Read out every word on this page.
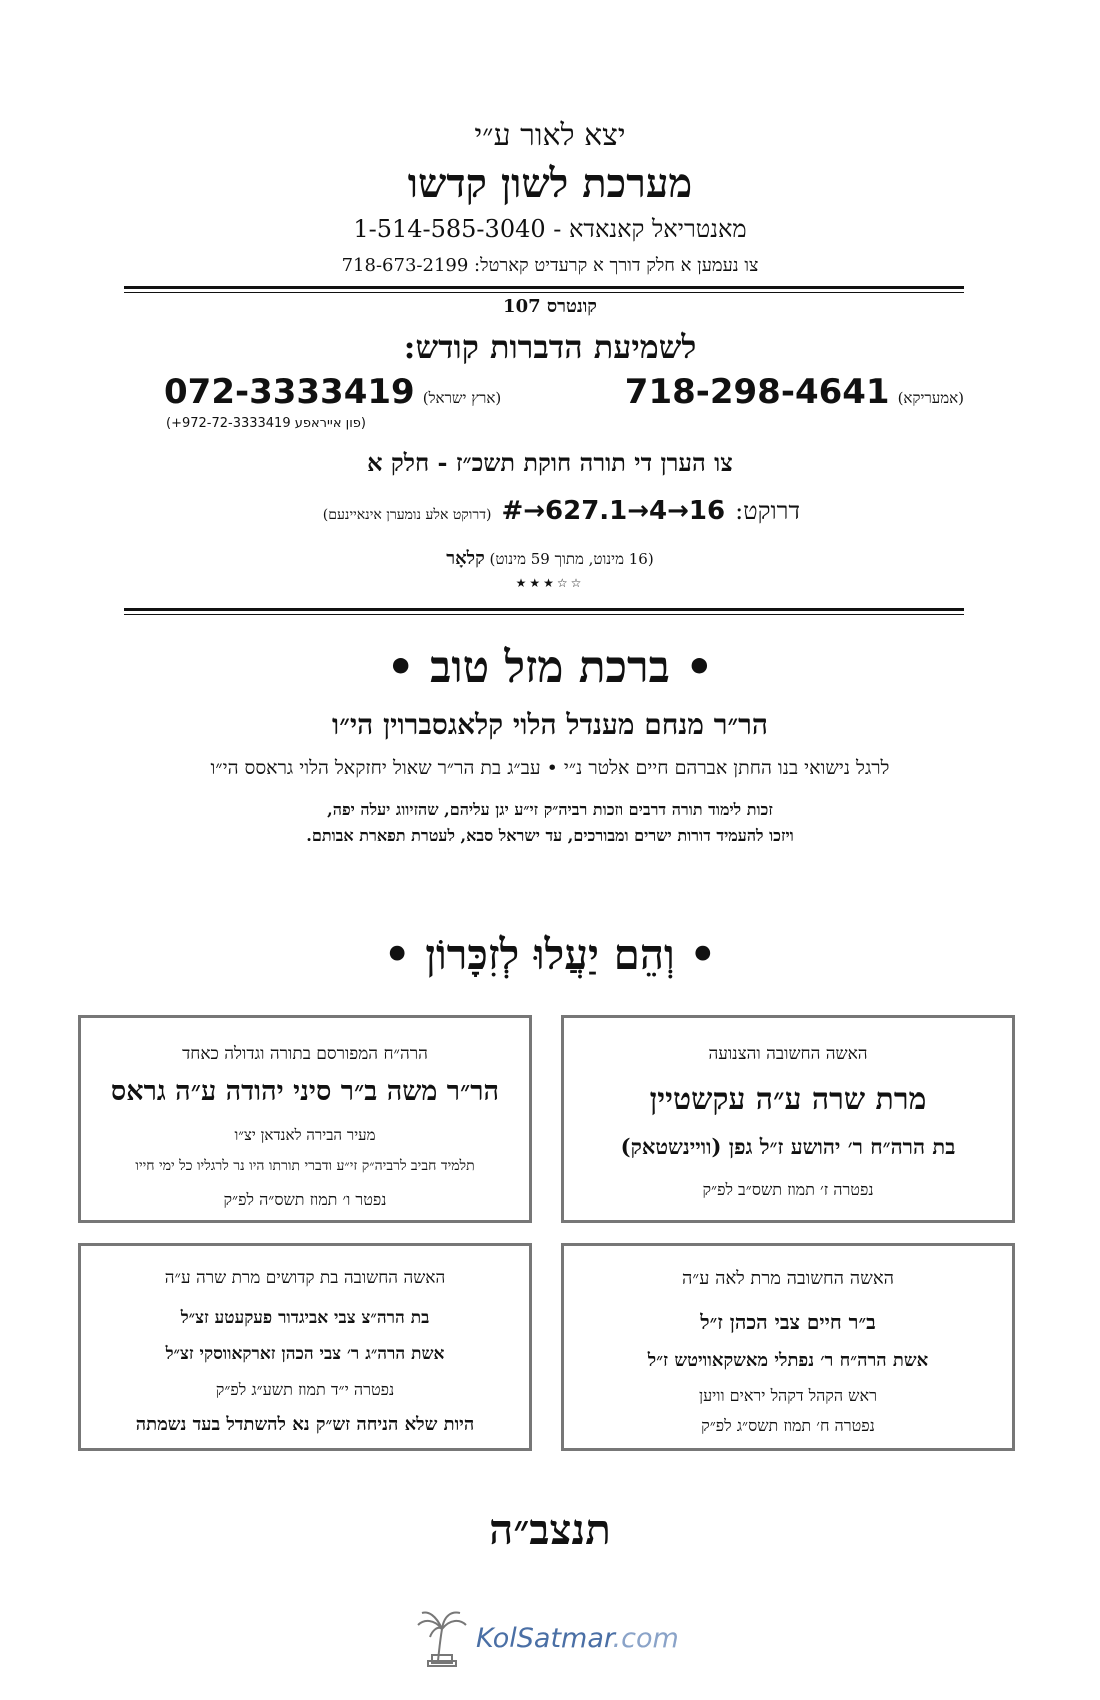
יצא לאור ע״י
מערכת לשון קדשו
מאנטריאל קאנאדא - 1-514-585-3040
צו נעמען א חלק דורך א קרעדיט קארטל: 718-673-2199
קונטרס 107
לשמיעת הדברות קודש:
(אמעריקא)
718-298-4641
(ארץ ישראל)
072-3333419
(+972-72-3333419 פון אייראפע)
צו הערן די תורה חוקת תשכ״ז - חלק א
דרוקט:
#→627.1→4→16
(דרוקט אלע נומערן אינאיינעם)
(16 מינוט, מתוך 59 מינוט) קלאָר
★★★☆☆
• ברכת מזל טוב •
הר״ר מנחם מענדל הלוי קלאגסברוין הי״ו
לרגל נישואי בנו החתן אברהם חיים אלטר נ״י • עב״ג בת הר״ר שאול יחזקאל הלוי גראסס הי״ו
זכות לימוד תורה דרבים וזכות רביה״ק זי״ע יגן עליהם, שהזיווג יעלה יפה,
ויזכו להעמיד דורות ישרים ומבורכים, עד ישראל סבא, לעטרת תפארת אבותם.
• וְהֵם יַעֲלוּ לְזִכָּרוֹן •
האשה החשובה והצנועה
מרת שרה ע״ה עקשטיין
בת הרה״ח ר׳ יהושע ז״ל גפן (וויינשטאק)
נפטרה ז׳ תמוז תשס״ב לפ״ק
הרה״ח המפורסם בתורה וגדולה כאחד
הר״ר משה ב״ר סיני יהודה ע״ה גראס
מעיר הבירה לאנדאן יצ״ו
תלמיד חביב לרביה״ק זי״ע ודברי תורתו היו נר לרגליו כל ימי חייו
נפטר ו׳ תמוז תשס״ה לפ״ק
האשה החשובה מרת לאה ע״ה
ב״ר חיים צבי הכהן ז״ל
אשת הרה״ח ר׳ נפתלי מאשקאוויטש ז״ל
ראש הקהל דקהל יראים וויען
נפטרה ח׳ תמוז תשס״ג לפ״ק
האשה החשובה בת קדושים מרת שרה ע״ה
בת הרה״צ צבי אביגדור פעקעטע זצ״ל
אשת הרה״ג ר׳ צבי הכהן זארקאווסקי זצ״ל
נפטרה י״ד תמוז תשע״ג לפ״ק
היות שלא הניחה זש״ק נא להשתדל בעד נשמתה
תנצב״ה
KolSatmar.com
